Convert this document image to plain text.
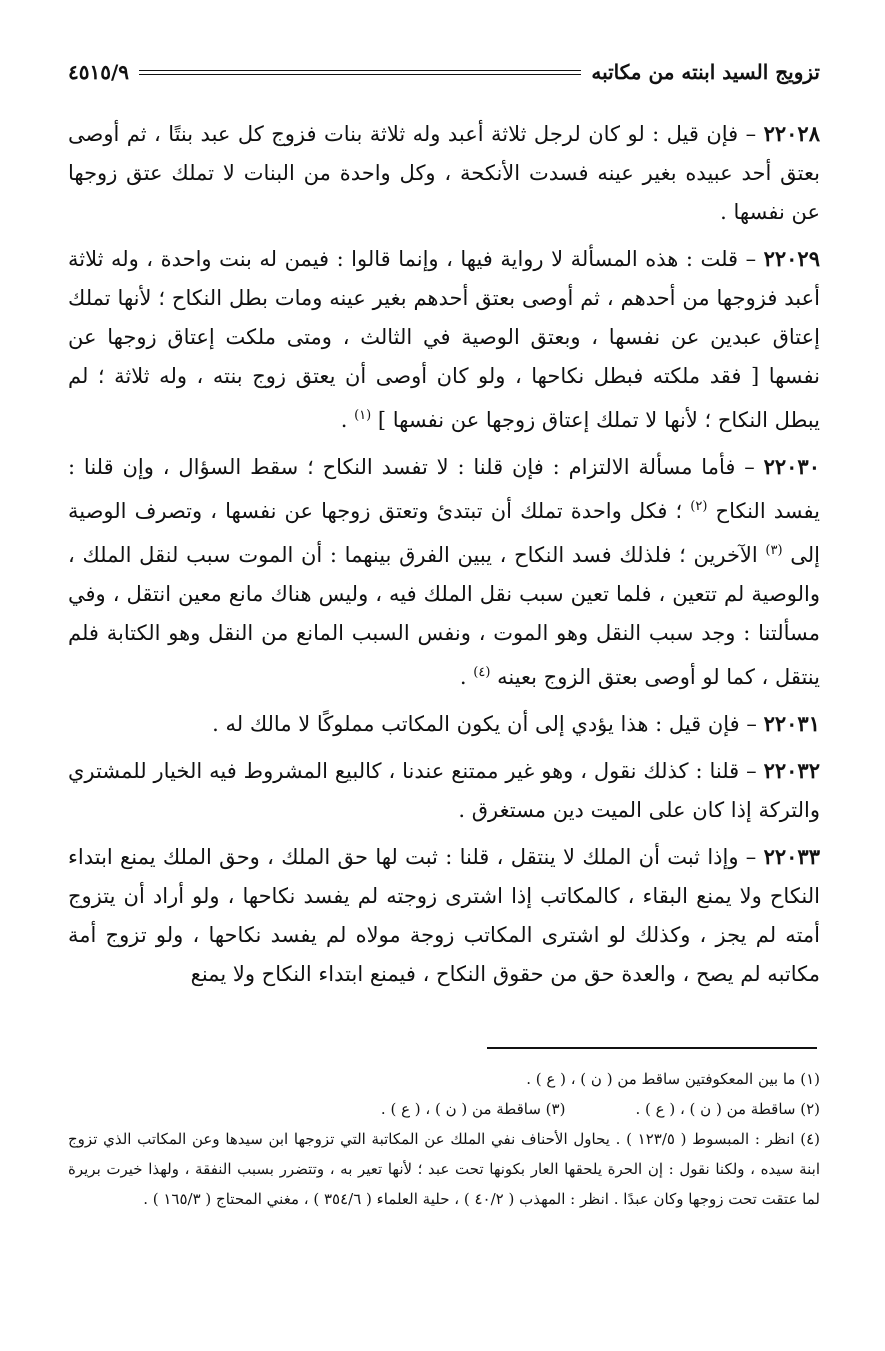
تزويج السيد ابنته من مكاتبه
٤٥١٥/٩

٢٢٠٢٨ – فإن قيل : لو كان لرجل ثلاثة أعبد وله ثلاثة بنات فزوج كل عبد بنتًا ، ثم أوصى بعتق أحد عبيده بغير عينه فسدت الأنكحة ، وكل واحدة من البنات لا تملك عتق زوجها عن نفسها .

٢٢٠٢٩ – قلت : هذه المسألة لا رواية فيها ، وإنما قالوا : فيمن له بنت واحدة ، وله ثلاثة أعبد فزوجها من أحدهم ، ثم أوصى بعتق أحدهم بغير عينه ومات بطل النكاح ؛ لأنها تملك إعتاق عبدين عن نفسها ، وبعتق الوصية في الثالث ، ومتى ملكت إعتاق زوجها عن نفسها [ فقد ملكته فبطل نكاحها ، ولو كان أوصى أن يعتق زوج بنته ، وله ثلاثة ؛ لم يبطل النكاح ؛ لأنها لا تملك إعتاق زوجها عن نفسها ] $^{(١)}$ .

٢٢٠٣٠ – فأما مسألة الالتزام : فإن قلنا : لا تفسد النكاح ؛ سقط السؤال ، وإن قلنا : يفسد النكاح $^{(٢)}$ ؛ فكل واحدة تملك أن تبتدئ وتعتق زوجها عن نفسها ، وتصرف الوصية إلى $^{(٣)}$ الآخرين ؛ فلذلك فسد النكاح ، يبين الفرق بينهما : أن الموت سبب لنقل الملك ، والوصية لم تتعين ، فلما تعين سبب نقل الملك فيه ، وليس هناك مانع معين انتقل ، وفي مسألتنا : وجد سبب النقل وهو الموت ، ونفس السبب المانع من النقل وهو الكتابة فلم ينتقل ، كما لو أوصى بعتق الزوج بعينه $^{(٤)}$ .

٢٢٠٣١ – فإن قيل : هذا يؤدي إلى أن يكون المكاتب مملوكًا لا مالك له .

٢٢٠٣٢ – قلنا : كذلك نقول ، وهو غير ممتنع عندنا ، كالبيع المشروط فيه الخيار للمشتري والتركة إذا كان على الميت دين مستغرق .

٢٢٠٣٣ – وإذا ثبت أن الملك لا ينتقل ، قلنا : ثبت لها حق الملك ، وحق الملك يمنع ابتداء النكاح ولا يمنع البقاء ، كالمكاتب إذا اشترى زوجته لم يفسد نكاحها ، ولو أراد أن يتزوج أمته لم يجز ، وكذلك لو اشترى المكاتب زوجة مولاه لم يفسد نكاحها ، ولو تزوج أمة مكاتبه لم يصح ، والعدة حق من حقوق النكاح ، فيمنع ابتداء النكاح ولا يمنع

(١) ما بين المعكوفتين ساقط من ( ن ) ، ( ع ) .

(٢) ساقطة من ( ن ) ، ( ع ) .
(٣) ساقطة من ( ن ) ، ( ع ) .

(٤) انظر : المبسوط ( ١٢٣/٥ ) . يحاول الأحناف نفي الملك عن المكاتبة التي تزوجها ابن سيدها وعن المكاتب الذي تزوج ابنة سيده ، ولكنا نقول : إن الحرة يلحقها العار بكونها تحت عبد ؛ لأنها تعير به ، وتتضرر بسبب النفقة ، ولهذا خيرت بريرة لما عتقت تحت زوجها وكان عبدًا . انظر : المهذب ( ٤٠/٢ ) ، حلية العلماء ( ٣٥٤/٦ ) ، مغني المحتاج ( ١٦٥/٣ ) .
